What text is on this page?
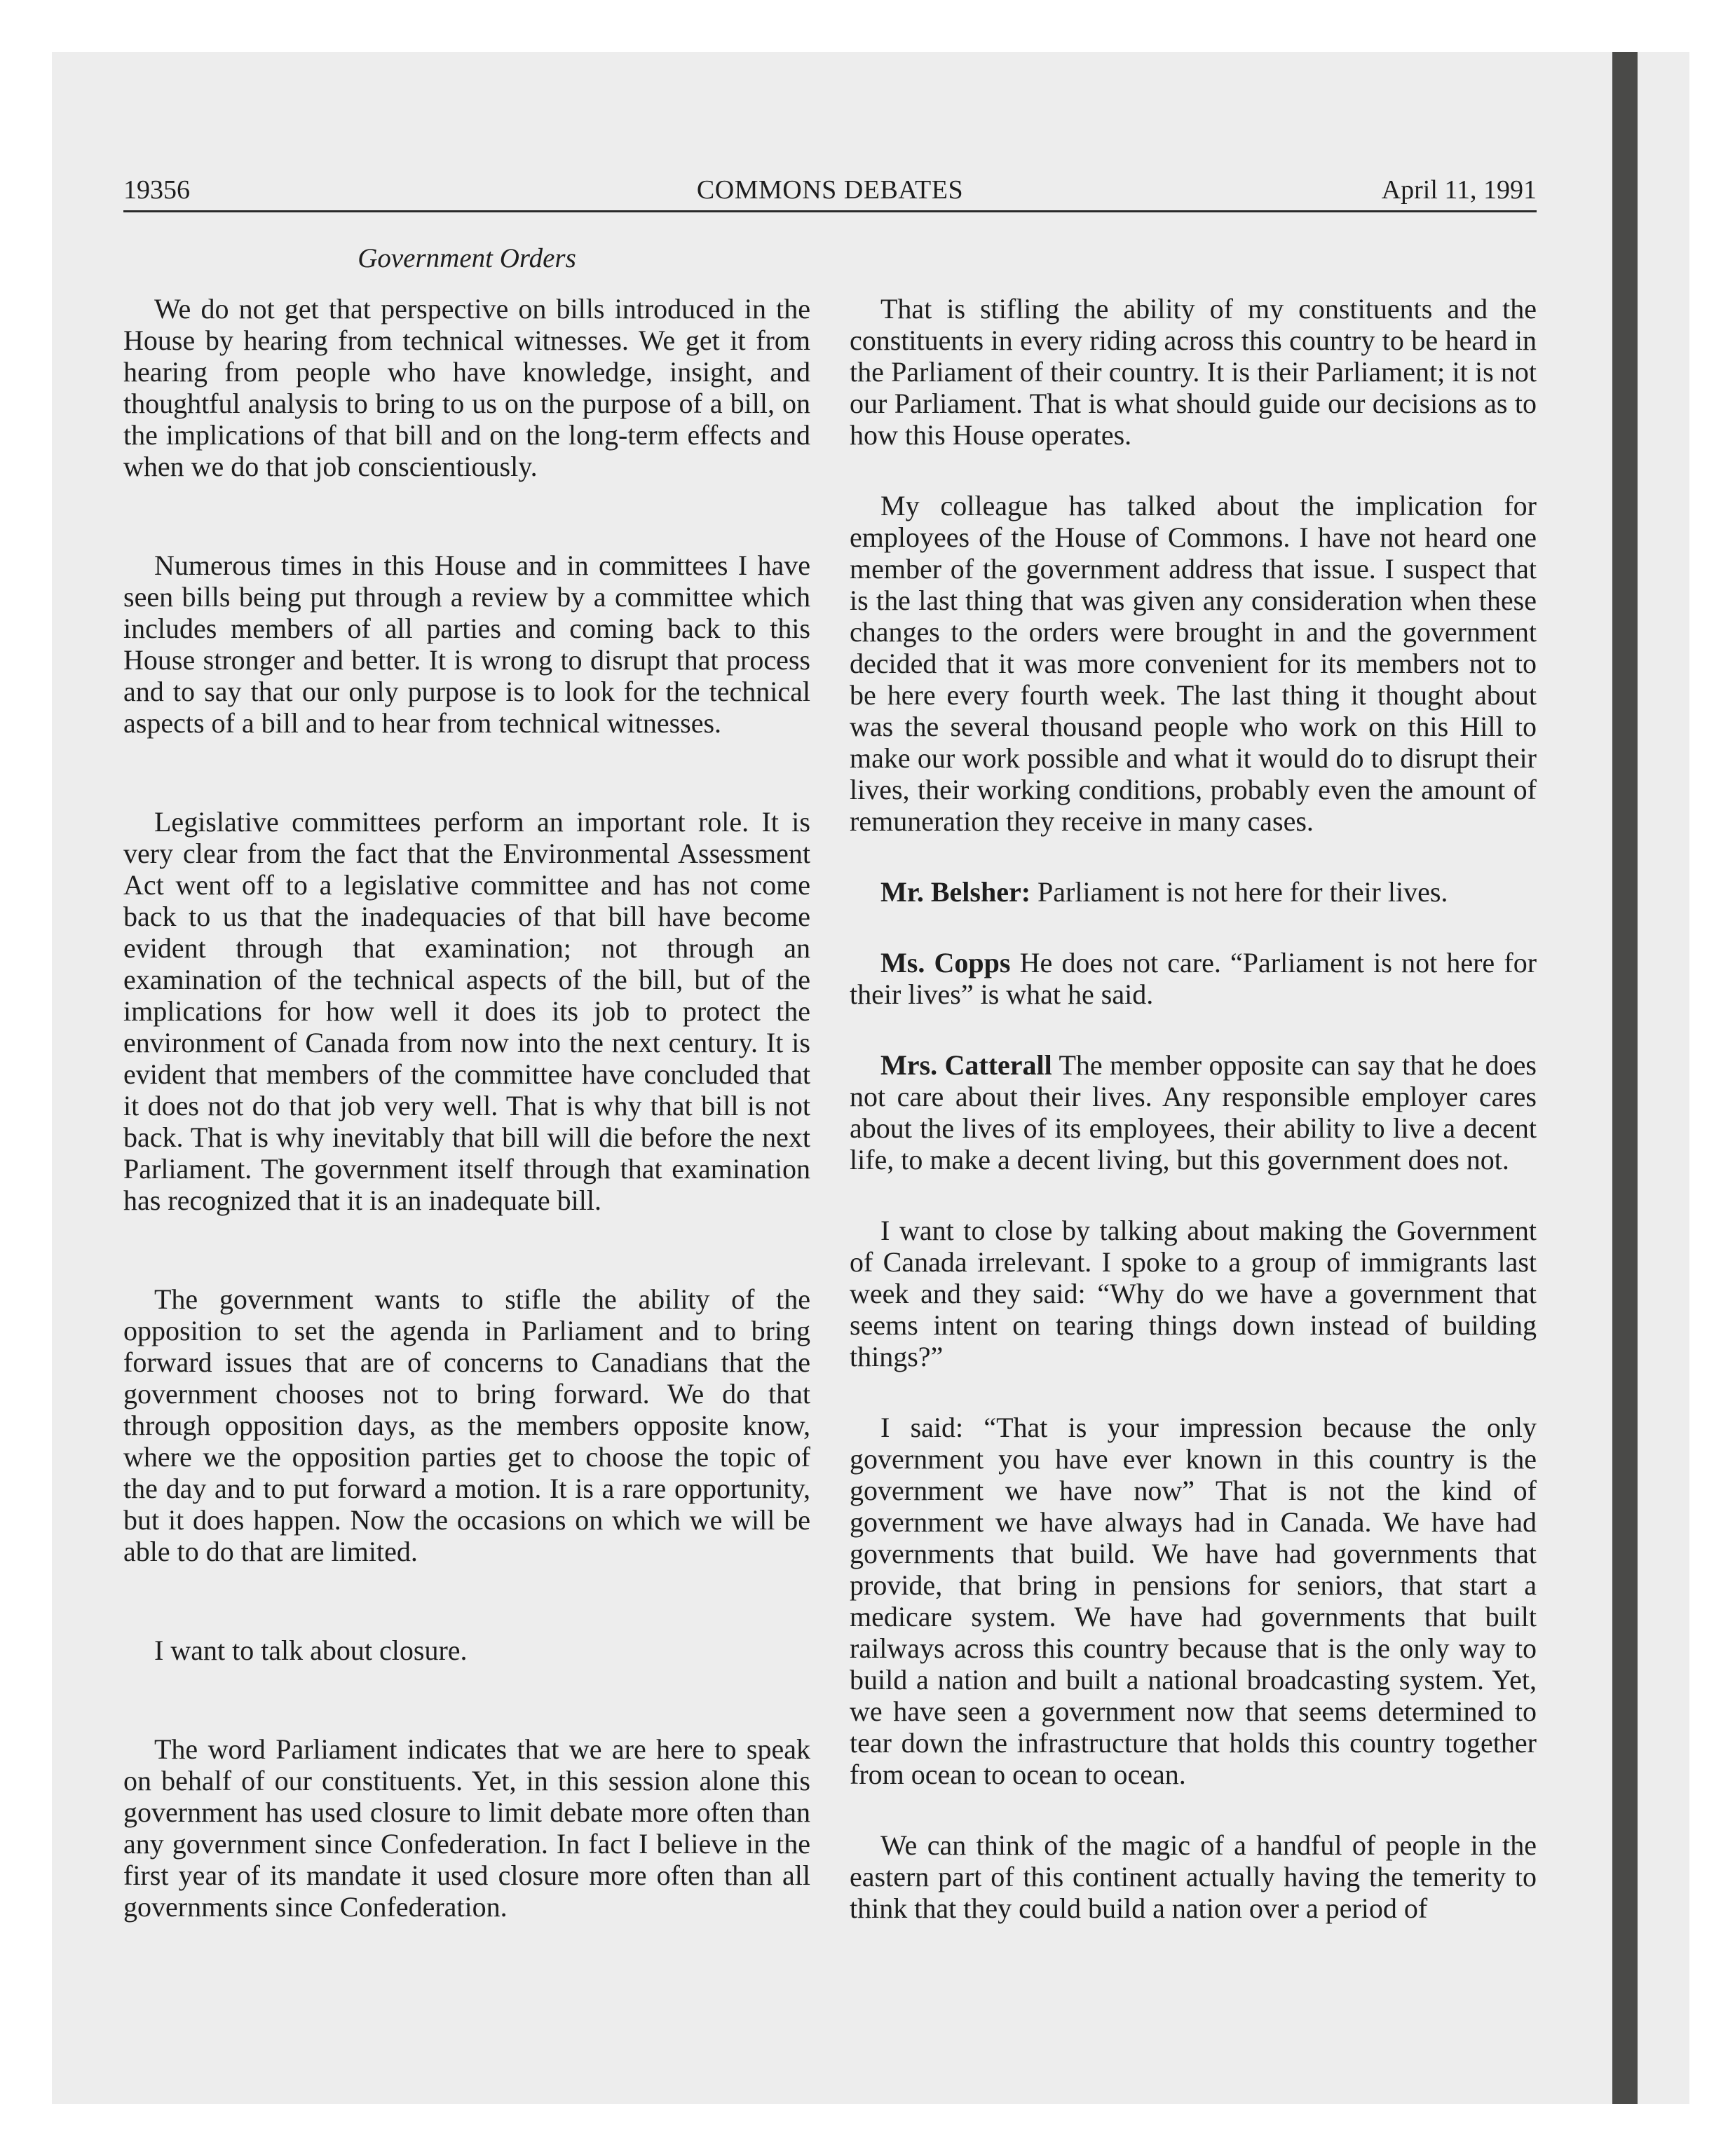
19356	COMMONS DEBATES	April 11, 1991
Government Orders

We do not get that perspective on bills introduced in the House by hearing from technical witnesses. We get it from hearing from people who have knowledge, insight, and thoughtful analysis to bring to us on the purpose of a bill, on the implications of that bill and on the long-term effects and when we do that job conscientiously.

Numerous times in this House and in committees I have seen bills being put through a review by a committee which includes members of all parties and coming back to this House stronger and better. It is wrong to disrupt that process and to say that our only purpose is to look for the technical aspects of a bill and to hear from technical witnesses.

Legislative committees perform an important role. It is very clear from the fact that the Environmental Assessment Act went off to a legislative committee and has not come back to us that the inadequacies of that bill have become evident through that examination; not through an examination of the technical aspects of the bill, but of the implications for how well it does its job to protect the environment of Canada from now into the next century. It is evident that members of the committee have concluded that it does not do that job very well. That is why that bill is not back. That is why inevitably that bill will die before the next Parliament. The government itself through that examination has recognized that it is an inadequate bill.

The government wants to stifle the ability of the opposition to set the agenda in Parliament and to bring forward issues that are of concerns to Canadians that the government chooses not to bring forward. We do that through opposition days, as the members opposite know, where we the opposition parties get to choose the topic of the day and to put forward a motion. It is a rare opportunity, but it does happen. Now the occasions on which we will be able to do that are limited.

I want to talk about closure.

The word Parliament indicates that we are here to speak on behalf of our constituents. Yet, in this session alone this government has used closure to limit debate more often than any government since Confederation. In fact I believe in the first year of its mandate it used closure more often than all governments since Confederation.

That is stifling the ability of my constituents and the constituents in every riding across this country to be heard in the Parliament of their country. It is their Parliament; it is not our Parliament. That is what should guide our decisions as to how this House operates.

My colleague has talked about the implication for employees of the House of Commons. I have not heard one member of the government address that issue. I suspect that is the last thing that was given any consideration when these changes to the orders were brought in and the government decided that it was more convenient for its members not to be here every fourth week. The last thing it thought about was the several thousand people who work on this Hill to make our work possible and what it would do to disrupt their lives, their working conditions, probably even the amount of remuneration they receive in many cases.

Mr. Belsher: Parliament is not here for their lives.

Ms. Copps He does not care. “Parliament is not here for their lives” is what he said.

Mrs. Catterall The member opposite can say that he does not care about their lives. Any responsible employer cares about the lives of its employees, their ability to live a decent life, to make a decent living, but this government does not.

I want to close by talking about making the Government of Canada irrelevant. I spoke to a group of immigrants last week and they said: “Why do we have a government that seems intent on tearing things down instead of building things?”

I said: “That is your impression because the only government you have ever known in this country is the government we have now” That is not the kind of government we have always had in Canada. We have had governments that build. We have had governments that provide, that bring in pensions for seniors, that start a medicare system. We have had governments that built railways across this country because that is the only way to build a nation and built a national broadcasting system. Yet, we have seen a government now that seems determined to tear down the infrastructure that holds this country together from ocean to ocean to ocean.

We can think of the magic of a handful of people in the eastern part of this continent actually having the temerity to think that they could build a nation over a period of
